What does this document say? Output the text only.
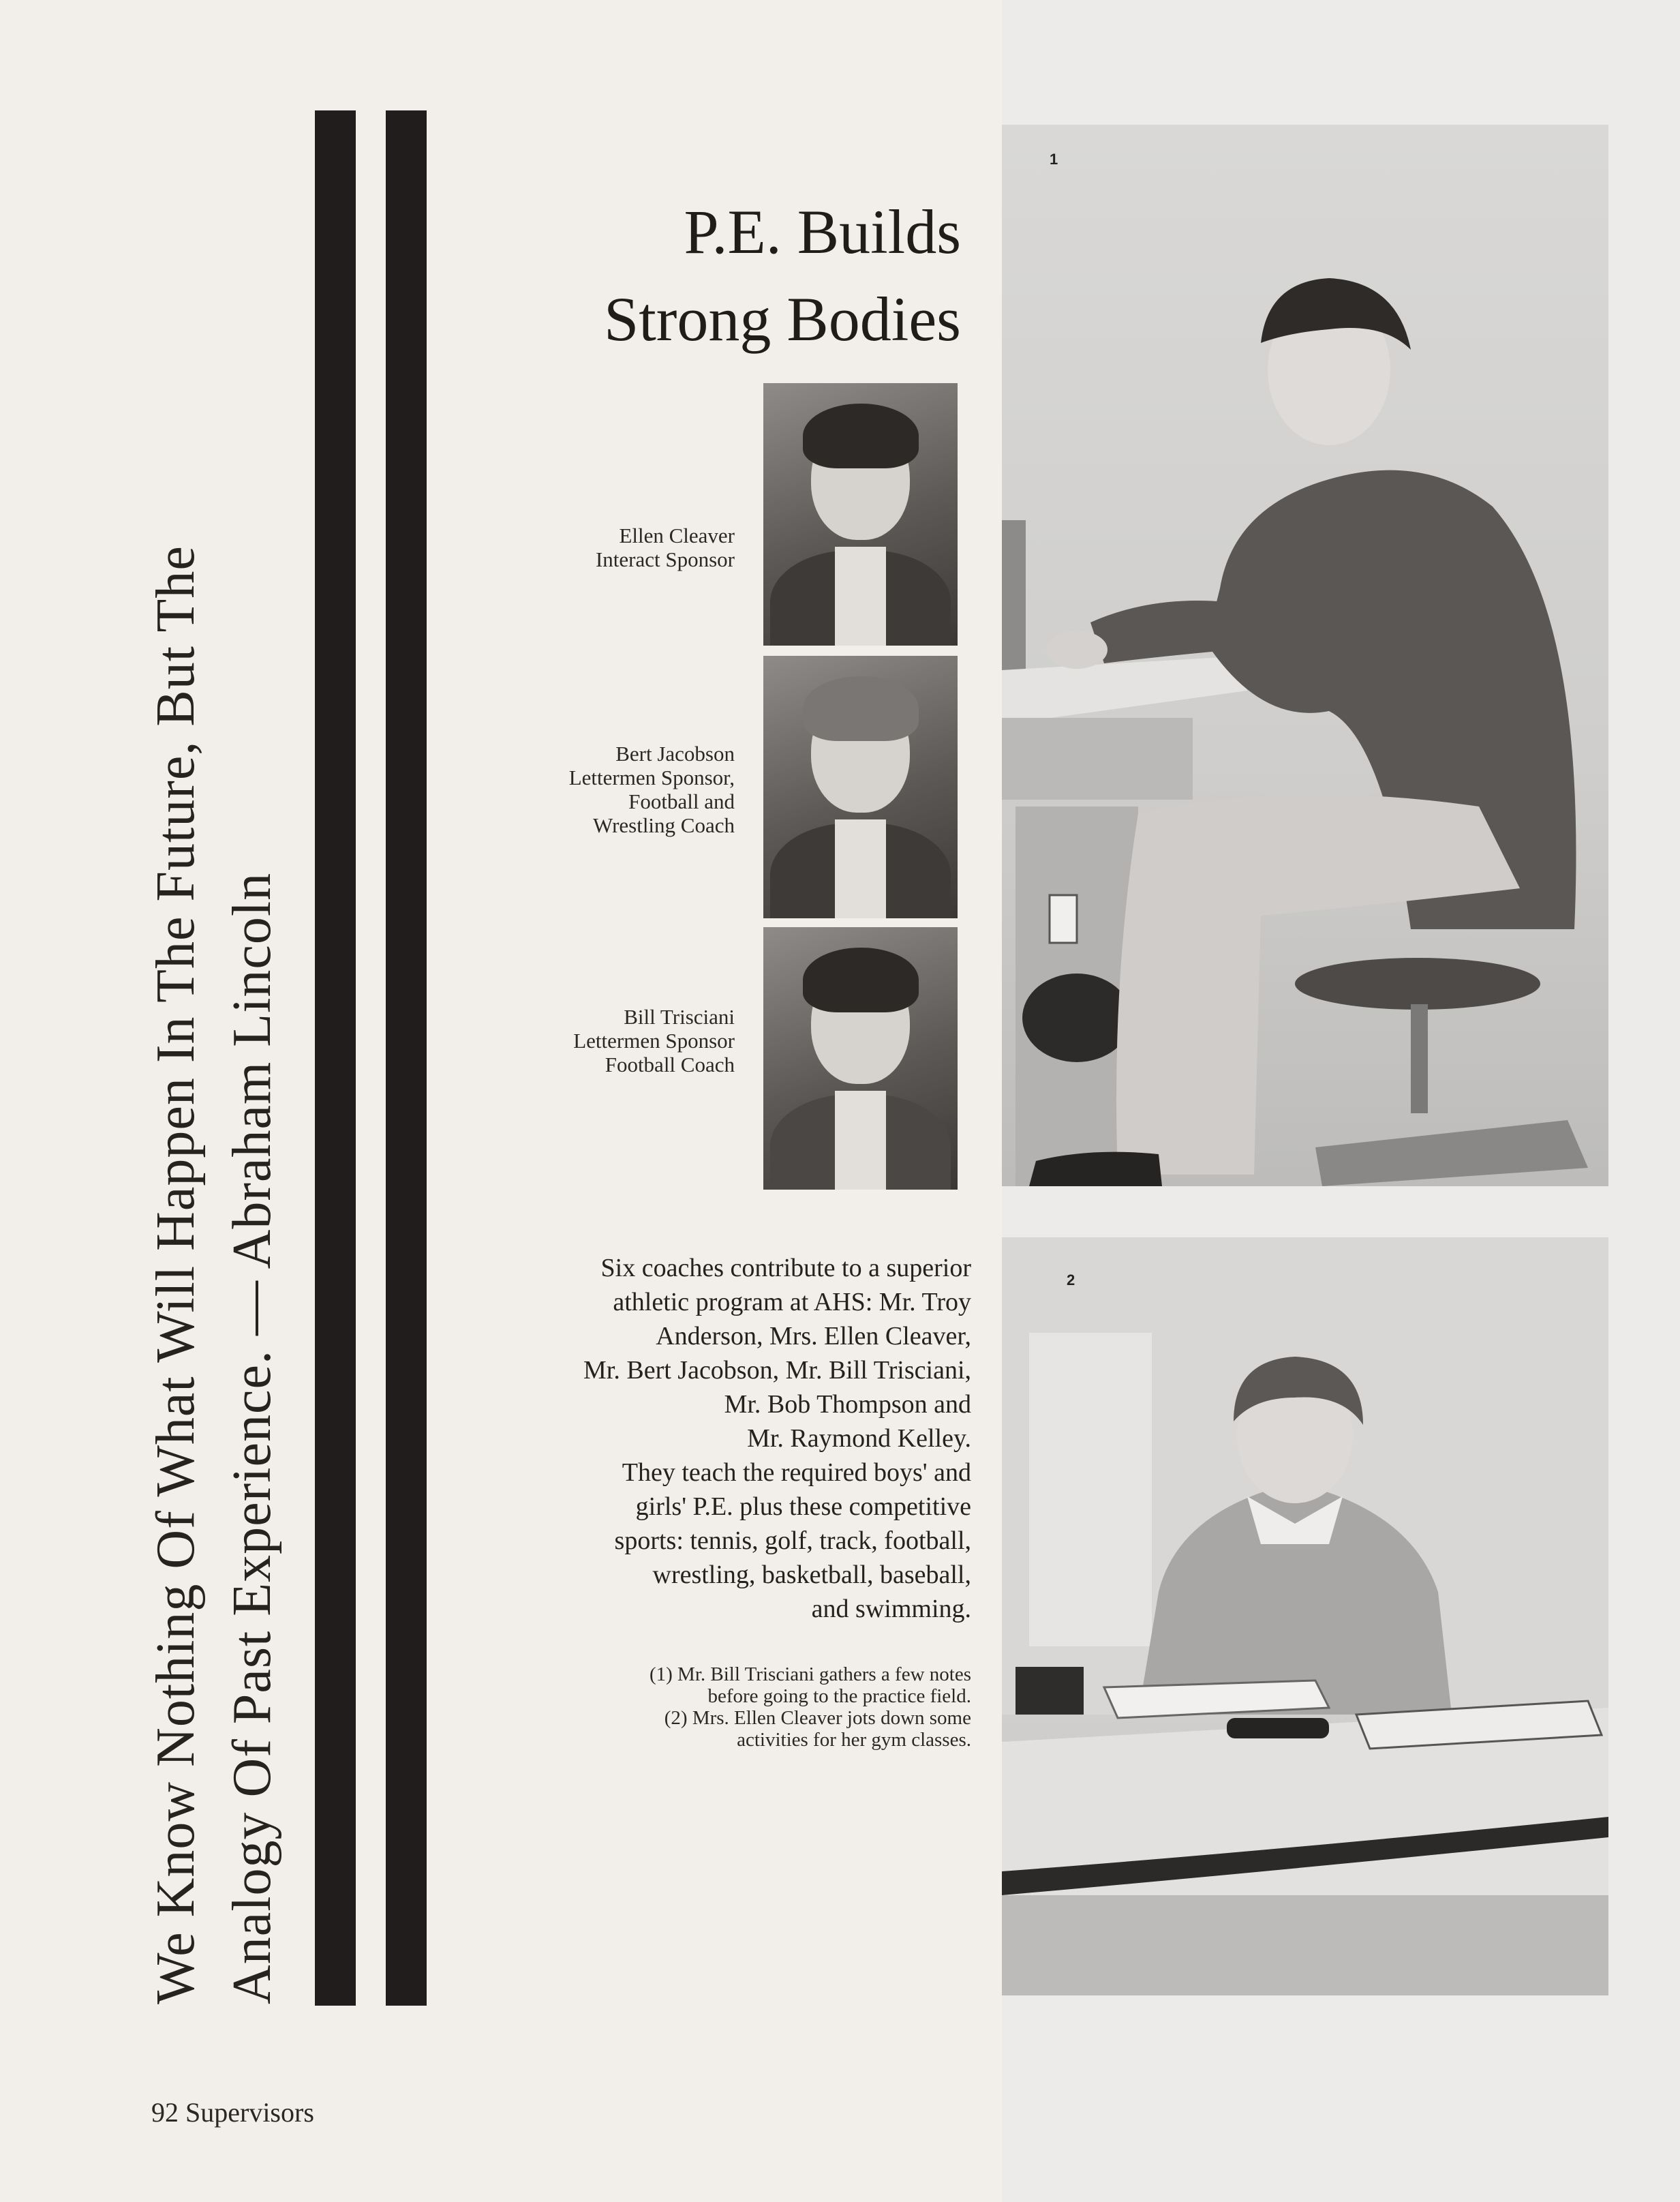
We Know Nothing Of What Will Happen In The Future, But The Analogy Of Past Experience. — Abraham Lincoln
P.E. Builds
Strong Bodies
Ellen Cleaver
Interact Sponsor
Bert Jacobson
Lettermen Sponsor,
Football and
Wrestling Coach
Bill Trisciani
Lettermen Sponsor
Football Coach
Six coaches contribute to a superior
athletic program at AHS: Mr. Troy
Anderson, Mrs. Ellen Cleaver,
Mr. Bert Jacobson, Mr. Bill Trisciani,
Mr. Bob Thompson and
Mr. Raymond Kelley.
They teach the required boys' and
girls' P.E. plus these competitive
sports: tennis, golf, track, football,
wrestling, basketball, baseball,
and swimming.
(1) Mr. Bill Trisciani gathers a few notes
before going to the practice field.
(2) Mrs. Ellen Cleaver jots down some
activities for her gym classes.
1
2
92 Supervisors
